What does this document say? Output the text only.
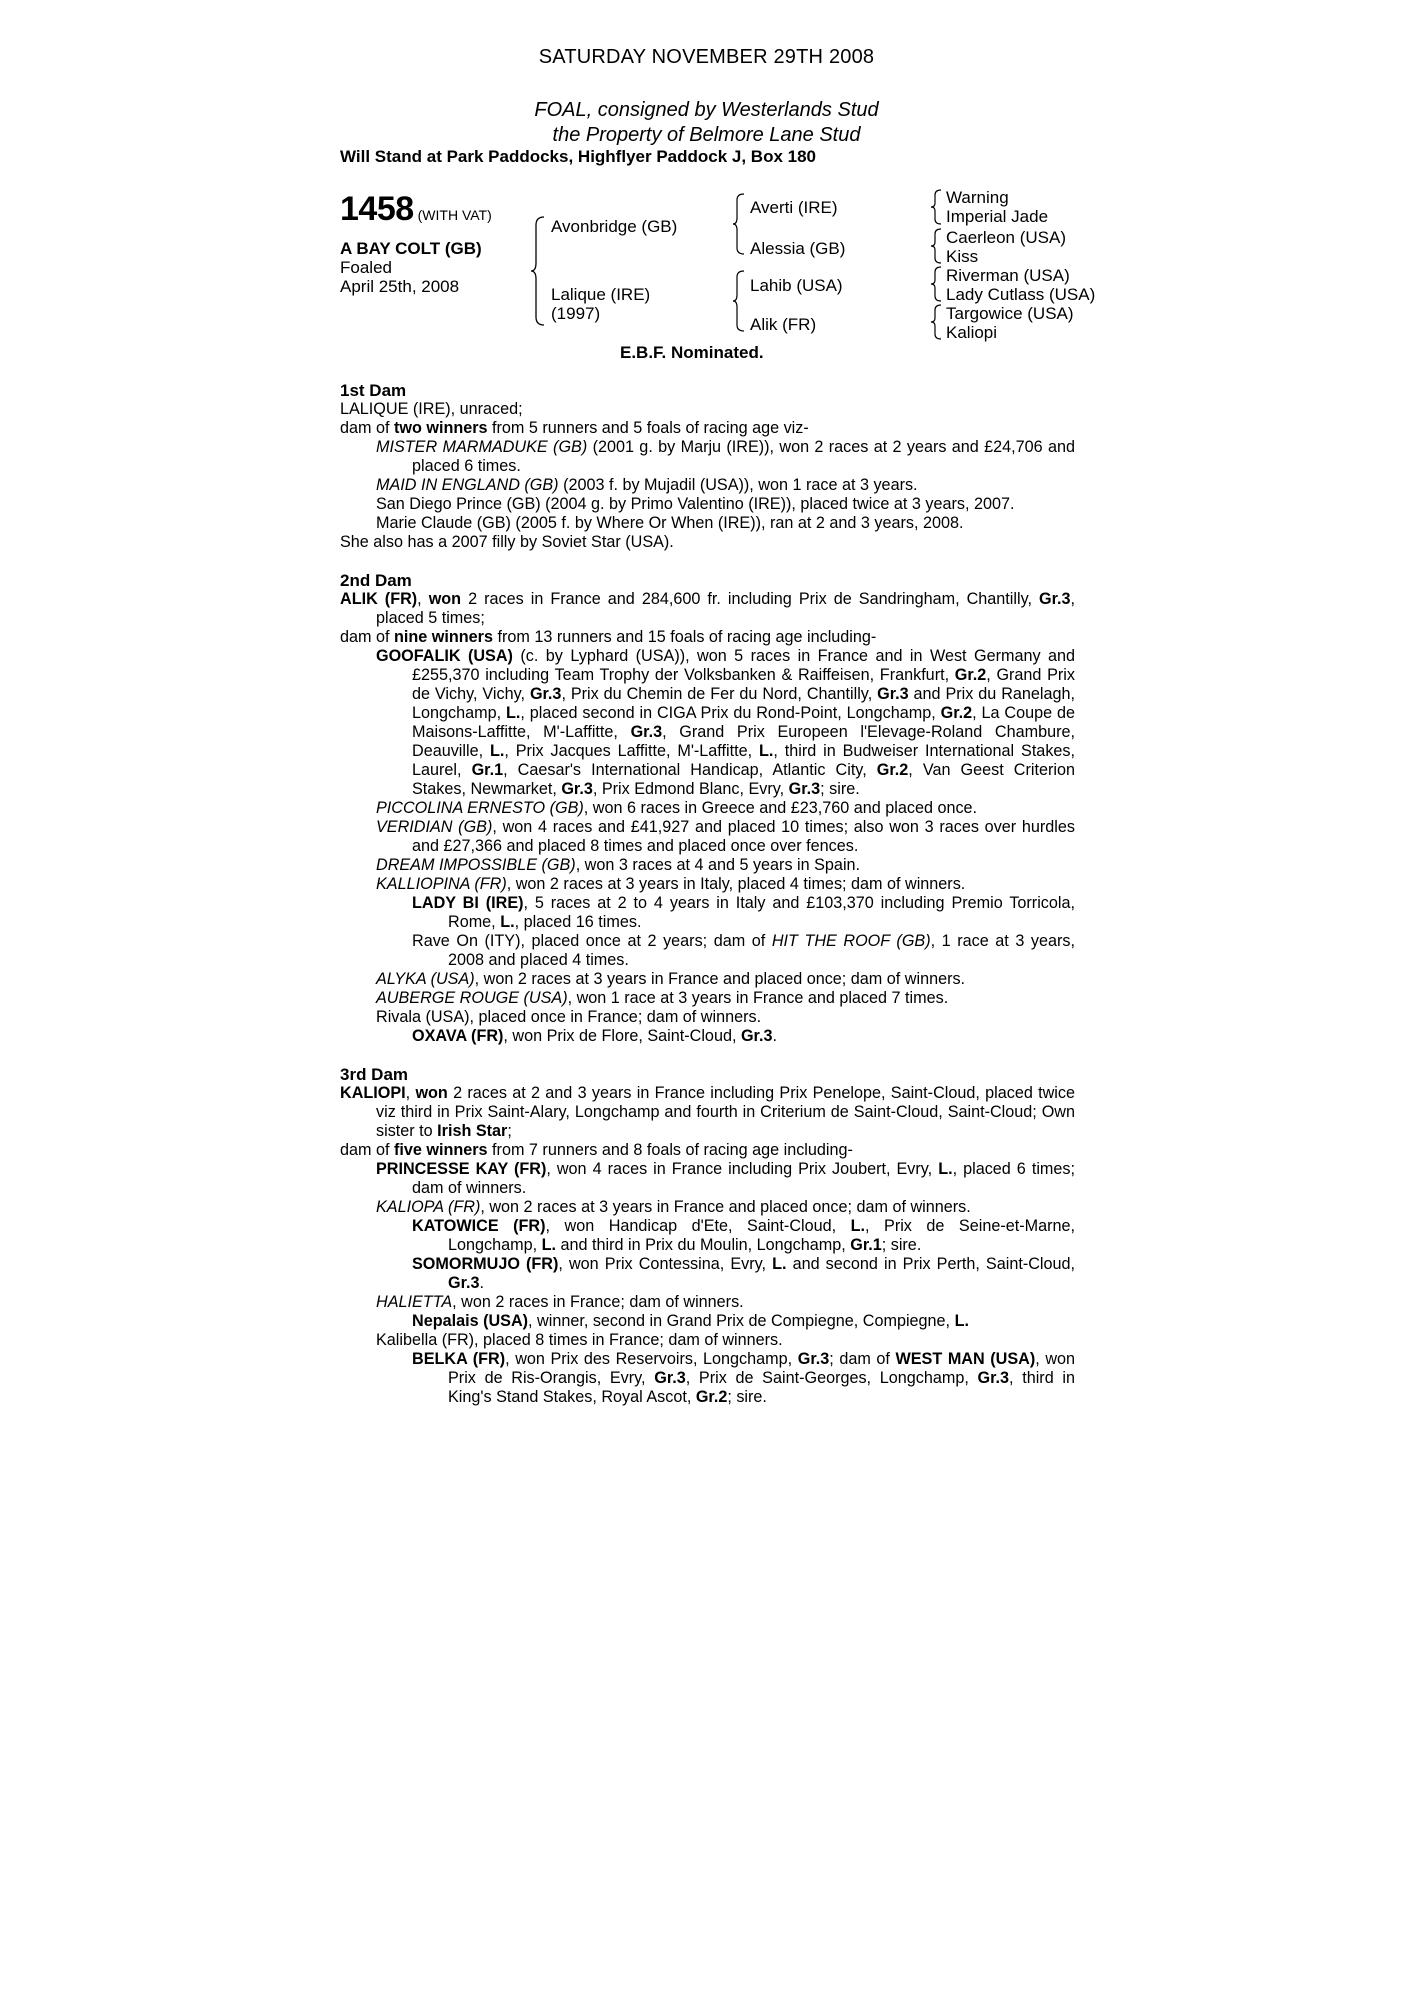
SATURDAY NOVEMBER 29TH 2008
FOAL, consigned by Westerlands Stud
the Property of Belmore Lane Stud
Will Stand at Park Paddocks, Highflyer Paddock J, Box 180
1458 (WITH VAT)
A BAY COLT (GB)
Foaled
April 25th, 2008
Avonbridge (GB)
Lalique (IRE)
(1997)
Averti (IRE)
Alessia (GB)
Lahib (USA)
Alik (FR)
Warning
Imperial Jade
Caerleon (USA)
Kiss
Riverman (USA)
Lady Cutlass (USA)
Targowice (USA)
Kaliopi
E.B.F. Nominated.
1st Dam
LALIQUE (IRE), unraced;
dam of two winners from 5 runners and 5 foals of racing age viz-
MISTER MARMADUKE (GB) (2001 g. by Marju (IRE)), won 2 races at 2 years and £24,706 and placed 6 times.
MAID IN ENGLAND (GB) (2003 f. by Mujadil (USA)), won 1 race at 3 years.
San Diego Prince (GB) (2004 g. by Primo Valentino (IRE)), placed twice at 3 years, 2007.
Marie Claude (GB) (2005 f. by Where Or When (IRE)), ran at 2 and 3 years, 2008.
She also has a 2007 filly by Soviet Star (USA).
2nd Dam
ALIK (FR), won 2 races in France and 284,600 fr. including Prix de Sandringham, Chantilly, Gr.3, placed 5 times;
dam of nine winners from 13 runners and 15 foals of racing age including-
GOOFALIK (USA) (c. by Lyphard (USA)), won 5 races in France and in West Germany and £255,370 including Team Trophy der Volksbanken & Raiffeisen, Frankfurt, Gr.2, Grand Prix de Vichy, Vichy, Gr.3, Prix du Chemin de Fer du Nord, Chantilly, Gr.3 and Prix du Ranelagh, Longchamp, L., placed second in CIGA Prix du Rond-Point, Longchamp, Gr.2, La Coupe de Maisons-Laffitte, M'-Laffitte, Gr.3, Grand Prix Europeen l'Elevage-Roland Chambure, Deauville, L., Prix Jacques Laffitte, M'-Laffitte, L., third in Budweiser International Stakes, Laurel, Gr.1, Caesar's International Handicap, Atlantic City, Gr.2, Van Geest Criterion Stakes, Newmarket, Gr.3, Prix Edmond Blanc, Evry, Gr.3; sire.
PICCOLINA ERNESTO (GB), won 6 races in Greece and £23,760 and placed once.
VERIDIAN (GB), won 4 races and £41,927 and placed 10 times; also won 3 races over hurdles and £27,366 and placed 8 times and placed once over fences.
DREAM IMPOSSIBLE (GB), won 3 races at 4 and 5 years in Spain.
KALLIOPINA (FR), won 2 races at 3 years in Italy, placed 4 times; dam of winners.
LADY BI (IRE), 5 races at 2 to 4 years in Italy and £103,370 including Premio Torricola, Rome, L., placed 16 times.
Rave On (ITY), placed once at 2 years; dam of HIT THE ROOF (GB), 1 race at 3 years, 2008 and placed 4 times.
ALYKA (USA), won 2 races at 3 years in France and placed once; dam of winners.
AUBERGE ROUGE (USA), won 1 race at 3 years in France and placed 7 times.
Rivala (USA), placed once in France; dam of winners.
OXAVA (FR), won Prix de Flore, Saint-Cloud, Gr.3.
3rd Dam
KALIOPI, won 2 races at 2 and 3 years in France including Prix Penelope, Saint-Cloud, placed twice viz third in Prix Saint-Alary, Longchamp and fourth in Criterium de Saint-Cloud, Saint-Cloud; Own sister to Irish Star;
dam of five winners from 7 runners and 8 foals of racing age including-
PRINCESSE KAY (FR), won 4 races in France including Prix Joubert, Evry, L., placed 6 times; dam of winners.
KALIOPA (FR), won 2 races at 3 years in France and placed once; dam of winners.
KATOWICE (FR), won Handicap d'Ete, Saint-Cloud, L., Prix de Seine-et-Marne, Longchamp, L. and third in Prix du Moulin, Longchamp, Gr.1; sire.
SOMORMUJO (FR), won Prix Contessina, Evry, L. and second in Prix Perth, Saint-Cloud, Gr.3.
HALIETTA, won 2 races in France; dam of winners.
Nepalais (USA), winner, second in Grand Prix de Compiegne, Compiegne, L.
Kalibella (FR), placed 8 times in France; dam of winners.
BELKA (FR), won Prix des Reservoirs, Longchamp, Gr.3; dam of WEST MAN (USA), won Prix de Ris-Orangis, Evry, Gr.3, Prix de Saint-Georges, Longchamp, Gr.3, third in King's Stand Stakes, Royal Ascot, Gr.2; sire.
